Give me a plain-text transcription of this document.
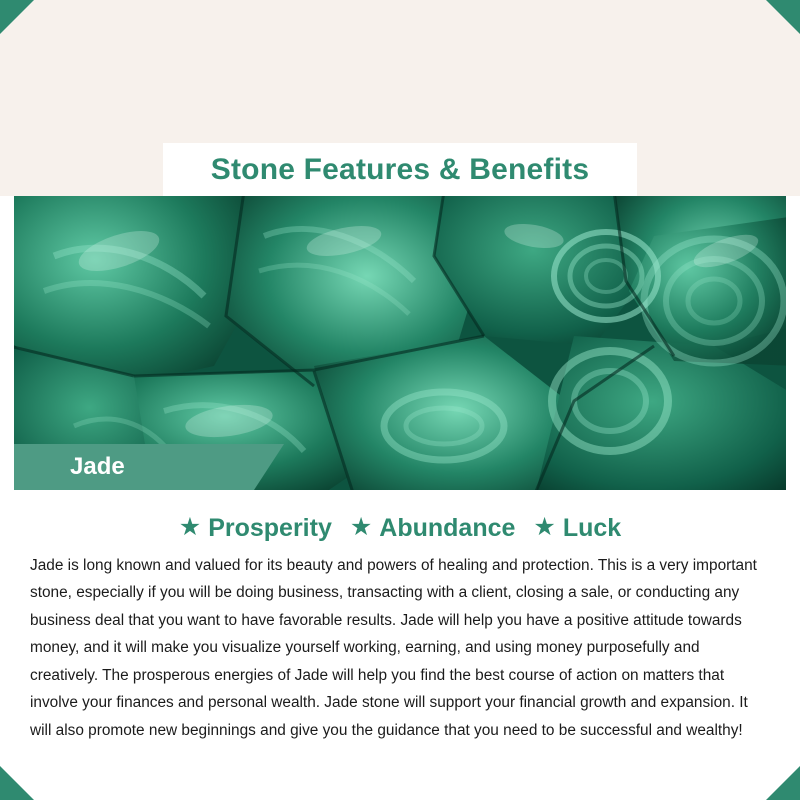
Stone Features & Benefits
Jade
★ Prosperity ★ Abundance ★ Luck

Jade is long known and valued for its beauty and powers of healing and protection. This is a very important stone, especially if you will be doing business, transacting with a client, closing a sale, or conducting any business deal that you want to have favorable results. Jade will help you have a positive attitude towards money, and it will make you visualize yourself working, earning, and using money purposefully and creatively. The prosperous energies of Jade will help you find the best course of action on matters that involve your finances and personal wealth. Jade stone will support your financial growth and expansion. It will also promote new beginnings and give you the guidance that you need to be successful and wealthy!
